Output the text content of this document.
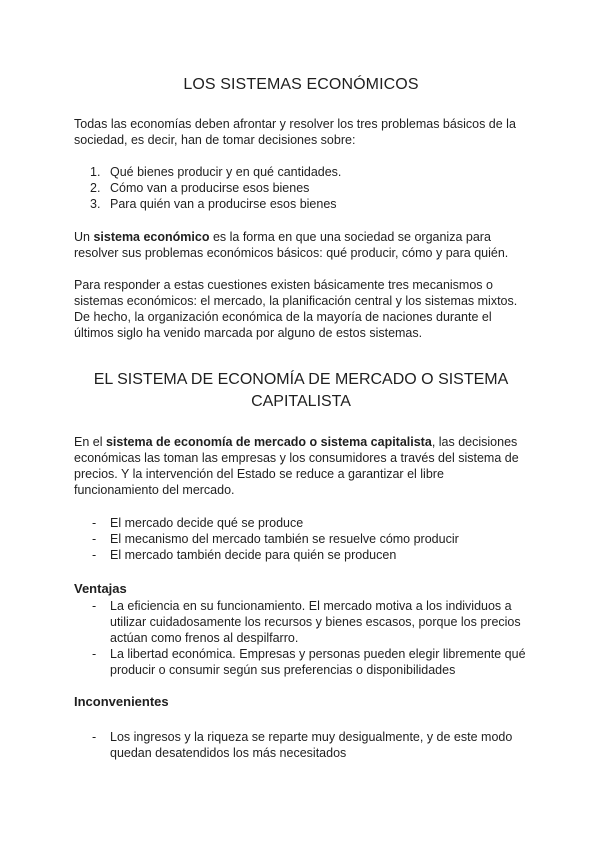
LOS SISTEMAS ECONÓMICOS

Todas las economías deben afrontar y resolver los tres problemas básicos de la sociedad, es decir, han de tomar decisiones sobre:

1. Qué bienes producir y en qué cantidades.
2. Cómo van a producirse esos bienes
3. Para quién van a producirse esos bienes

Un sistema económico es la forma en que una sociedad se organiza para resolver sus problemas económicos básicos: qué producir, cómo y para quién.

Para responder a estas cuestiones existen básicamente tres mecanismos o sistemas económicos: el mercado, la planificación central y los sistemas mixtos. De hecho, la organización económica de la mayoría de naciones durante el últimos siglo ha venido marcada por alguno de estos sistemas.

EL SISTEMA DE ECONOMÍA DE MERCADO O SISTEMA CAPITALISTA

En el sistema de economía de mercado o sistema capitalista, las decisiones económicas las toman las empresas y los consumidores a través del sistema de precios. Y la intervención del Estado se reduce a garantizar el libre funcionamiento del mercado.

- El mercado decide qué se produce
- El mecanismo del mercado también se resuelve cómo producir
- El mercado también decide para quién se producen
Ventajas
- La eficiencia en su funcionamiento. El mercado motiva a los individuos a utilizar cuidadosamente los recursos y bienes escasos, porque los precios actúan como frenos al despilfarro.
- La libertad económica. Empresas y personas pueden elegir libremente qué producir o consumir según sus preferencias o disponibilidades
Inconvenientes
- Los ingresos y la riqueza se reparte muy desigualmente, y de este modo quedan desatendidos los más necesitados
